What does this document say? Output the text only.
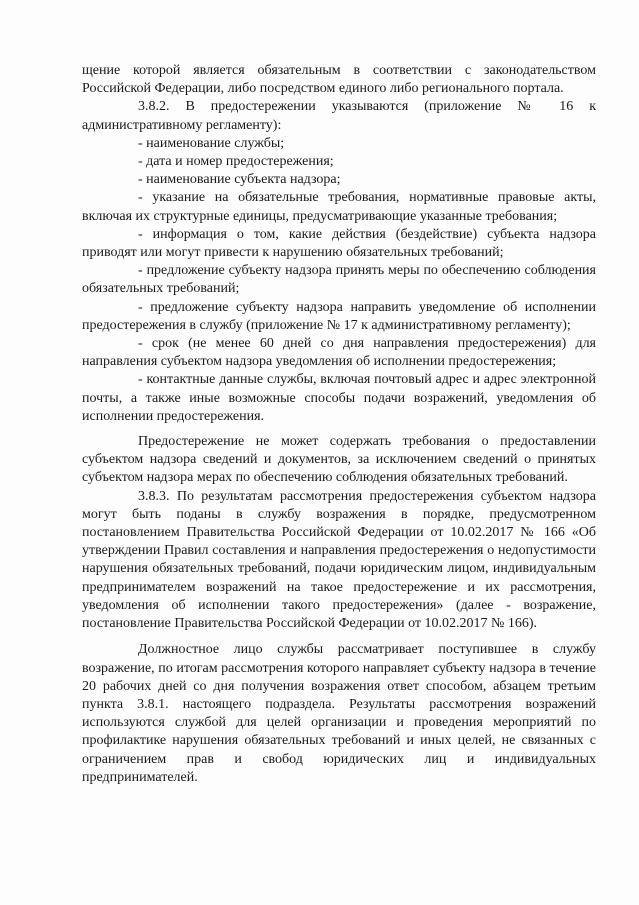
щение которой является обязательным в соответствии с законодательством Российской Федерации, либо посредством единого либо регионального портала.

3.8.2. В предостережении указываются (приложение № 16 к административному регламенту):

- наименование службы;

- дата и номер предостережения;

- наименование субъекта надзора;

- указание на обязательные требования, нормативные правовые акты, включая их структурные единицы, предусматривающие указанные требования;

- информация о том, какие действия (бездействие) субъекта надзора приводят или могут привести к нарушению обязательных требований;

- предложение субъекту надзора принять меры по обеспечению соблюдения обязательных требований;

- предложение субъекту надзора направить уведомление об исполнении предостережения в службу (приложение № 17 к административному регламенту);

- срок (не менее 60 дней со дня направления предостережения) для направления субъектом надзора уведомления об исполнении предостережения;

- контактные данные службы, включая почтовый адрес и адрес электронной почты, а также иные возможные способы подачи возражений, уведомления об исполнении предостережения.

Предостережение не может содержать требования о предоставлении субъектом надзора сведений и документов, за исключением сведений о принятых субъектом надзора мерах по обеспечению соблюдения обязательных требований.

3.8.3. По результатам рассмотрения предостережения субъектом надзора могут быть поданы в службу возражения в порядке, предусмотренном постановлением Правительства Российской Федерации от 10.02.2017 № 166 «Об утверждении Правил составления и направления предостережения о недопустимости нарушения обязательных требований, подачи юридическим лицом, индивидуальным предпринимателем возражений на такое предостережение и их рассмотрения, уведомления об исполнении такого предостережения» (далее - возражение, постановление Правительства Российской Федерации от 10.02.2017 № 166).

Должностное лицо службы рассматривает поступившее в службу возражение, по итогам рассмотрения которого направляет субъекту надзора в течение 20 рабочих дней со дня получения возражения ответ способом, абзацем третьим пункта 3.8.1. настоящего подраздела. Результаты рассмотрения возражений используются службой для целей организации и проведения мероприятий по профилактике нарушения обязательных требований и иных целей, не связанных с ограничением прав и свобод юридических лиц и индивидуальных предпринимателей.
